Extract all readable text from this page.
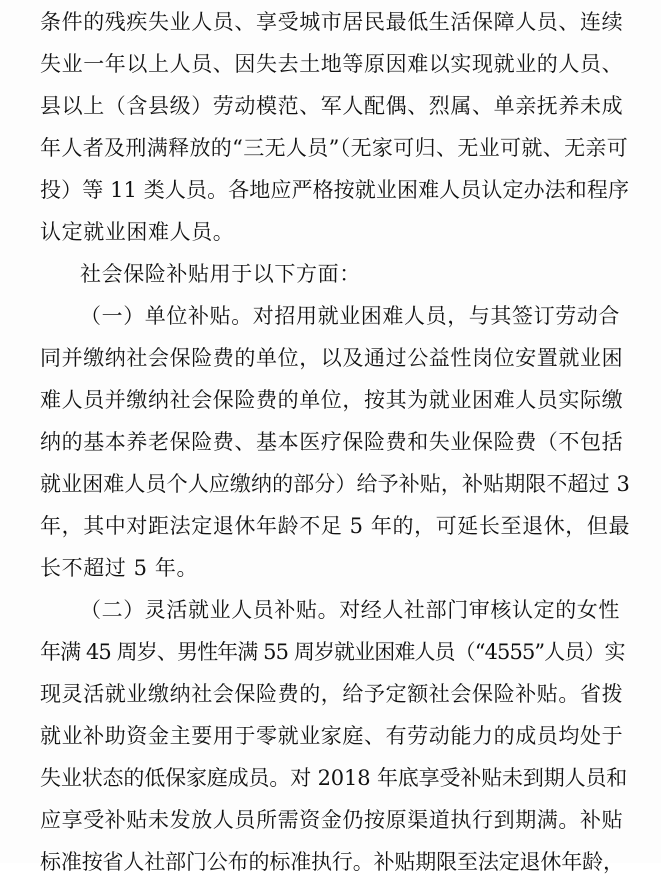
条件的残疾失业人员、享受城市居民最低生活保障人员、连续
失业一年以上人员、因失去土地等原因难以实现就业的人员、
县以上（含县级）劳动模范、军人配偶、烈属、单亲抚养未成
年人者及刑满释放的“三无人员”（无家可归、无业可就、无亲可
投）等 11 类人员。各地应严格按就业困难人员认定办法和程序
认定就业困难人员。
社会保险补贴用于以下方面：
（一）单位补贴。对招用就业困难人员，与其签订劳动合
同并缴纳社会保险费的单位，以及通过公益性岗位安置就业困
难人员并缴纳社会保险费的单位，按其为就业困难人员实际缴
纳的基本养老保险费、基本医疗保险费和失业保险费（不包括
就业困难人员个人应缴纳的部分）给予补贴，补贴期限不超过 3
年，其中对距法定退休年龄不足 5 年的，可延长至退休，但最
长不超过 5 年。
（二）灵活就业人员补贴。对经人社部门审核认定的女性
年满 45 周岁、男性年满 55 周岁就业困难人员（“4555”人员）实
现灵活就业缴纳社会保险费的，给予定额社会保险补贴。省拨
就业补助资金主要用于零就业家庭、有劳动能力的成员均处于
失业状态的低保家庭成员。对 2018 年底享受补贴未到期人员和
应享受补贴未发放人员所需资金仍按原渠道执行到期满。补贴
标准按省人社部门公布的标准执行。补贴期限至法定退休年龄，
